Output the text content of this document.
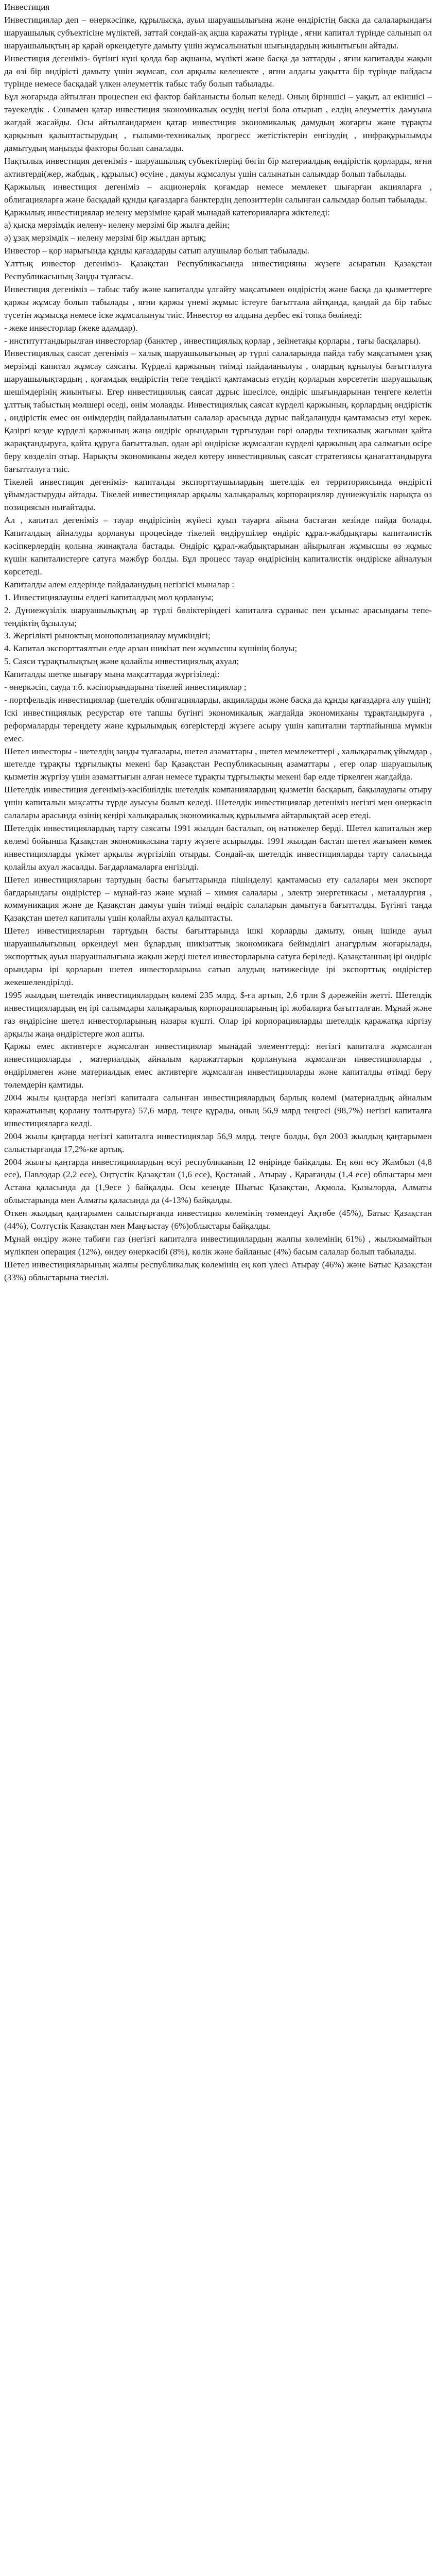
Инвестиция

Инвестициялар деп – өнеркәсіпке, құрылысқа, ауыл шаруашылығына және өндірістің басқа да салаларындағы шаруашылық субъектісіне мүліктей, заттай сондай-ақ ақша қаражаты түрінде , яғни капитал түрінде салынып ол шаруашылықтың әр қарай өркендетуге дамыту үшін жұмсалынатын шығындардың жиынтығын айтады.

Инвестиция дегеніміз- бүгінгі күні қолда бар ақшаны, мүлікті және басқа да заттарды , яғни капиталды жақын да өзі бір өндірісті дамыту үшін жұмсап, сол арқылы келешекте , яғни алдағы уақытта бір түрінде пайдасы түрінде немесе басқадай үлкен әлеуметтік табыс табу болып табылады.

Бұл жоғарыда айтылған процеспен екі фактор байланысты болып келеді. Оның біріншісі – уақыт, ал екіншісі – тәуекелдік . Сонымен қатар инвестиция экономикалық өсудің негізі бола отырып , елдің әлеуметтік дамуына жағдай жасайды. Осы айтылғандармен қатар инвестиция экономикалық дамудың жоғарғы және тұрақты қарқынын қалыптастырудың , ғылыми-техникалық прогресс жетістіктерін енгізудің , инфрақұрылымды дамытудың маңызды факторы болып саналады.

Нақтылық инвестиция дегеніміз - шаруашылық субъектілеріңі бөгіп бір материалдық өндірістік қорларды, яғни активтерді(жер, жабдық , құрылыс) өсуіне , дамуы жұмсалуы үшін салынатын салымдар болып табылады.

Қаржылық инвестиция дегеніміз – акционерлік қоғамдар немесе мемлекет шығарған акцияларға , облигацияларға және басқадай құнды қағаздарға банктердің депозиттерін салынған салымдар болып табылады.

Қаржылық инвестициялар иелену мерзіміне қарай мынадай категорияларға жіктеледі:

а) қысқа мерзімдік иелену- иелену мерзімі бір жылға дейін;

ә) ұзақ мерзімдік – иелену мерзімі бір жылдан артық;

Инвестор – қор нарығында құнды қағаздарды сатып алушылар болып табылады.

Ұлттық инвестор дегеніміз- Қазақстан Республикасында инвестицияны жүзеге асыратын Қазақстан Республикасының Заңды тұлғасы.

Инвестиция дегеніміз – табыс табу және капиталды ұлғайту мақсатымен өндірістің және басқа да қызметтерге қаржы жұмсау болып табылады , яғни қаржы үнемі жұмыс істеуге бағыттала айтқанда, қандай да бір табыс түсетін жұмысқа немесе іске жұмсалынуы тиіс. Инвестор өз алдына дербес екі топқа бөлінеді:

- жеке инвесторлар (жеке адамдар).

- институттандырылған инвесторлар (банктер , инвестициялық қорлар , зейнетақы қорлары , тағы басқалары).

Инвестициялық саясат дегеніміз – халық шаруашылығының әр түрлі салаларында пайда табу мақсатымен ұзақ мерзімді капитал жұмсау саясаты. Күрделі қаржының тиімді пайдаланылуы , олардың құнылуы бағытталуға шаруашылықтардың , қоғамдық өндірістің тепе теңдікті қамтамасыз етудің қорларын көрсететін шаруашылық шешімдерінің жиынтығы. Егер инвестициялық саясат дұрыс ішесілсе, өндіріс шығындарынан теңгеге келетін ұлттық табыстың мөлшері өседі, өнім молаяды. Инвестициялық саясат күрделі қаржының, қорлардың өндірістік , өндірістік емес өн өнімдердің пайдаланылатын салалар арасында дұрыс пайдалануды қамтамасыз етуі керек. Қазіргі кезде күрделі қаржының жаңа өндіріс орындарын тұрғызудан гөрі оларды техникалық жағынан қайта жарақтандыруға, қайта құруға бағытталып, одан әрі өндіріске жұмсалған күрделі қаржының ара салмағын өсіре беру көзделіп отыр. Нарықты экономиканы жедел көтеру инвестициялық саясат стратегиясы қанағаттандыруға бағытталуға тиіс.

Тікелей инвестиция дегеніміз- капиталды экспорттаушылардың шетелдік ел территориясында өндірісті ұйымдастыруды айтады. Тікелей инвестициялар арқылы халықаралық корпорацияляр дүниежүзілік нарықта өз позициясын нығайтады.

Ал , капитал дегеніміз – тауар өндірісінің жүйесі қуып тауарға айына бастаған кезінде пайда болады. Капиталдың айналуды қорлануы процесінде тікелей өндірушілер өндіріс құрал-жабдықтары капиталистік кәсіпкерлердің қолына жинақтала бастады. Өндіріс құрал-жабдықтарынан айырылған жұмысшы өз жұмыс күшін капиталистерге сатуға мәжбүр болды. Бұл процесс тауар өндірісінің капиталистік өндіріске айналуын көрсетеді.

Капиталды алем елдерінде пайдаланудың негізгісі мыналар :

1. Инвестициялаушы елдегі капиталдың мол қорлануы;

2. Дүниежүзілік шаруашылықтың әр түрлі бөліктеріндегі капиталға сұраныс пен ұсыныс арасындағы тепе-теңдіктің бұзылуы;

3. Жергілікті рыноктың монополизациялау мүмкіндігі;

4. Капитал экспорттаялтын елде арзан шикізат пен жұмысшы күшінің болуы;

5. Саяси тұрақтылықтың және қолайлы инвестициялық ахуал;

Капиталды шетке шығару мына мақсаттарда жүргізіледі:

- өнеркәсіп, сауда т.б. кәсіпорындарына тікелей инвестициялар ;

- портфельдік инвестициялар (шетелдік облигацияларды, акцияларды және басқа да құнды қағаздарға алу үшін);

Іскі инвестициялық ресурстар өте тапшы бүгінгі экономикалық жағдайда экономиканы тұрақтандыруға , реформаларды тереңдету және құрылымдық өзгерістерді жүзеге асыру үшін капитални тартпайынша мүмкін емес.

Шетел инвесторы - шетелдің заңды тұлғалары, шетел азаматтары , шетел мемлекеттері , халықаралық ұйымдар , шетелде тұрақты тұрғылықты мекені бар Қазақстан Республикасының азаматтары , егер олар шаруашылық қызметін жүргізу үшін азаматтығын алған немесе тұрақты тұрғылықты мекені бар елде тіркелген жағдайда.

Шетелдік инвестиция дегеніміз-кәсібшілдік шетелдік компаниялардың қызметін басқарып, бақылаудағы отыру үшін капиталын мақсатты түрде ауысуы болып келеді. Шетелдік инвестициялар дегеніміз негізгі мен өнеркәсіп салалары арасында өзінің кеңірі халықаралық экономикалық құрылымға айтарлықтай әсер етеді.

Шетелдік инвестициялардың тарту саясаты 1991 жылдан басталып, оң нәтижелер берді. Шетел капиталын жер көлемі бойынша Қазақстан экономикасына тарту жүзеге асырылды. 1991 жылдан бастап шетел жағымен көмек инвестицияларды үкімет арқылы жүргізіліп отырды. Сондай-ақ шетелдік инвестицияларды тарту саласында қолайлы ахуал жасалды. Бағдарламаларға енгізілді.

Шетел инвестицияларын тартудың басты бағыттарында пішінделуі қамтамасыз ету салалары мен экспорт бағдарындағы өндірістер – мұнай-газ және мұнай – химия салалары , электр энергетикасы , металлургия , коммуникация және де Қазақстан дамуы үшін тиімді өндіріс салаларын дамытуға бағытталды. Бүгінгі таңда Қазақстан шетел капиталы үшін қолайлы ахуал қалыптасты.

Шетел инвестицияларын тартудың басты бағыттарында ішкі қорларды дамыту, оның ішінде ауыл шаруашылығының өркендеуі мен бұлардың шикізаттық экономикаға бейімділігі анағұрлым жоғарылады, экспорттық ауыл шаруашылығына жақын жерді шетел инвесторларына сатуға беріледі. Қазақстанның ірі өндіріс орындары ірі қорларын шетел инвесторларына сатып алудың нәтижесінде ірі экспорттық өндірістер жекешелендірілді.

1995 жылдың шетелдік инвестициялардың көлемі 235 млрд. $-ға артып, 2,6 трлн $ дәрежейін жетті. Шетелдік инвестициялардың ең ірі салымдары халықаралық корпорацияларының ірі жобаларға бағытталған. Мұнай және газ өндірісіне шетел инвесторларының назары күшті. Олар ірі корпорацияларды шетелдік қаражатқа кіргізу арқылы жаңа өндірістерге жол ашты.

Қаржы емес активтерге жұмсалған инвестициялар мынадай элементтерді: негізгі капиталға жұмсалған инвестицияларды , материалдық айналым қаражаттарын қорлануына жұмсалған инвестицияларды , өндірілмеген және материалдық емес активтерге жұмсалған инвестицияларды және капиталды өтімді беру төлемдерін қамтиды.

2004 жылы қаңтарда негізгі капиталға салынған инвестициялардың барлық көлемі (материалдық айналым қаражатының қорлану толтыруға) 57,6 млрд. теңге құрады, оның 56,9 млрд теңгесі (98,7%) негізгі капиталға инвестицияларға келді.

2004 жылы қаңтарда негізгі капиталға инвестициялар 56,9 млрд. теңге болды, бұл 2003 жылдың қаңтарымен салыстырғанда 17,2%-ке артық.

2004 жылғы қаңтарда инвестициялардың өсуі республиканың 12 өңірінде байқалды. Ең көп өсу Жамбыл (4,8 есе), Павлодар (2,2 есе), Оңтүстік Қазақстан (1,6 есе), Қостанай , Атырау , Қарағанды (1,4 есе) облыстары мен Астана қаласында да (1,9есе ) байқалды. Осы кезеңде Шығыс Қазақстан, Ақмола, Қызылорда, Алматы облыстарында мен Алматы қаласында да (4-13%) байқалды.

Өткен жылдың қаңтарымен салыстырғанда инвестиция көлемінің төмендеуі Ақтөбе (45%), Батыс Қазақстан (44%), Солтүстік Қазақстан мен Маңғыстау (6%)облыстары байқалды.

Мұнай өндіру және табиғи газ (негізгі капиталға инвестициялардың жалпы көлемінің 61%) , жылжымайтын мүлікпен операция (12%), өндеу өнеркәсібі (8%), көлік және байланыс (4%) басым салалар болып табылады.

Шетел инвестицияларының жалпы республикалық көлемінің ең көп үлесі Атырау (46%) және Батыс Қазақстан (33%) облыстарына тиесілі.
